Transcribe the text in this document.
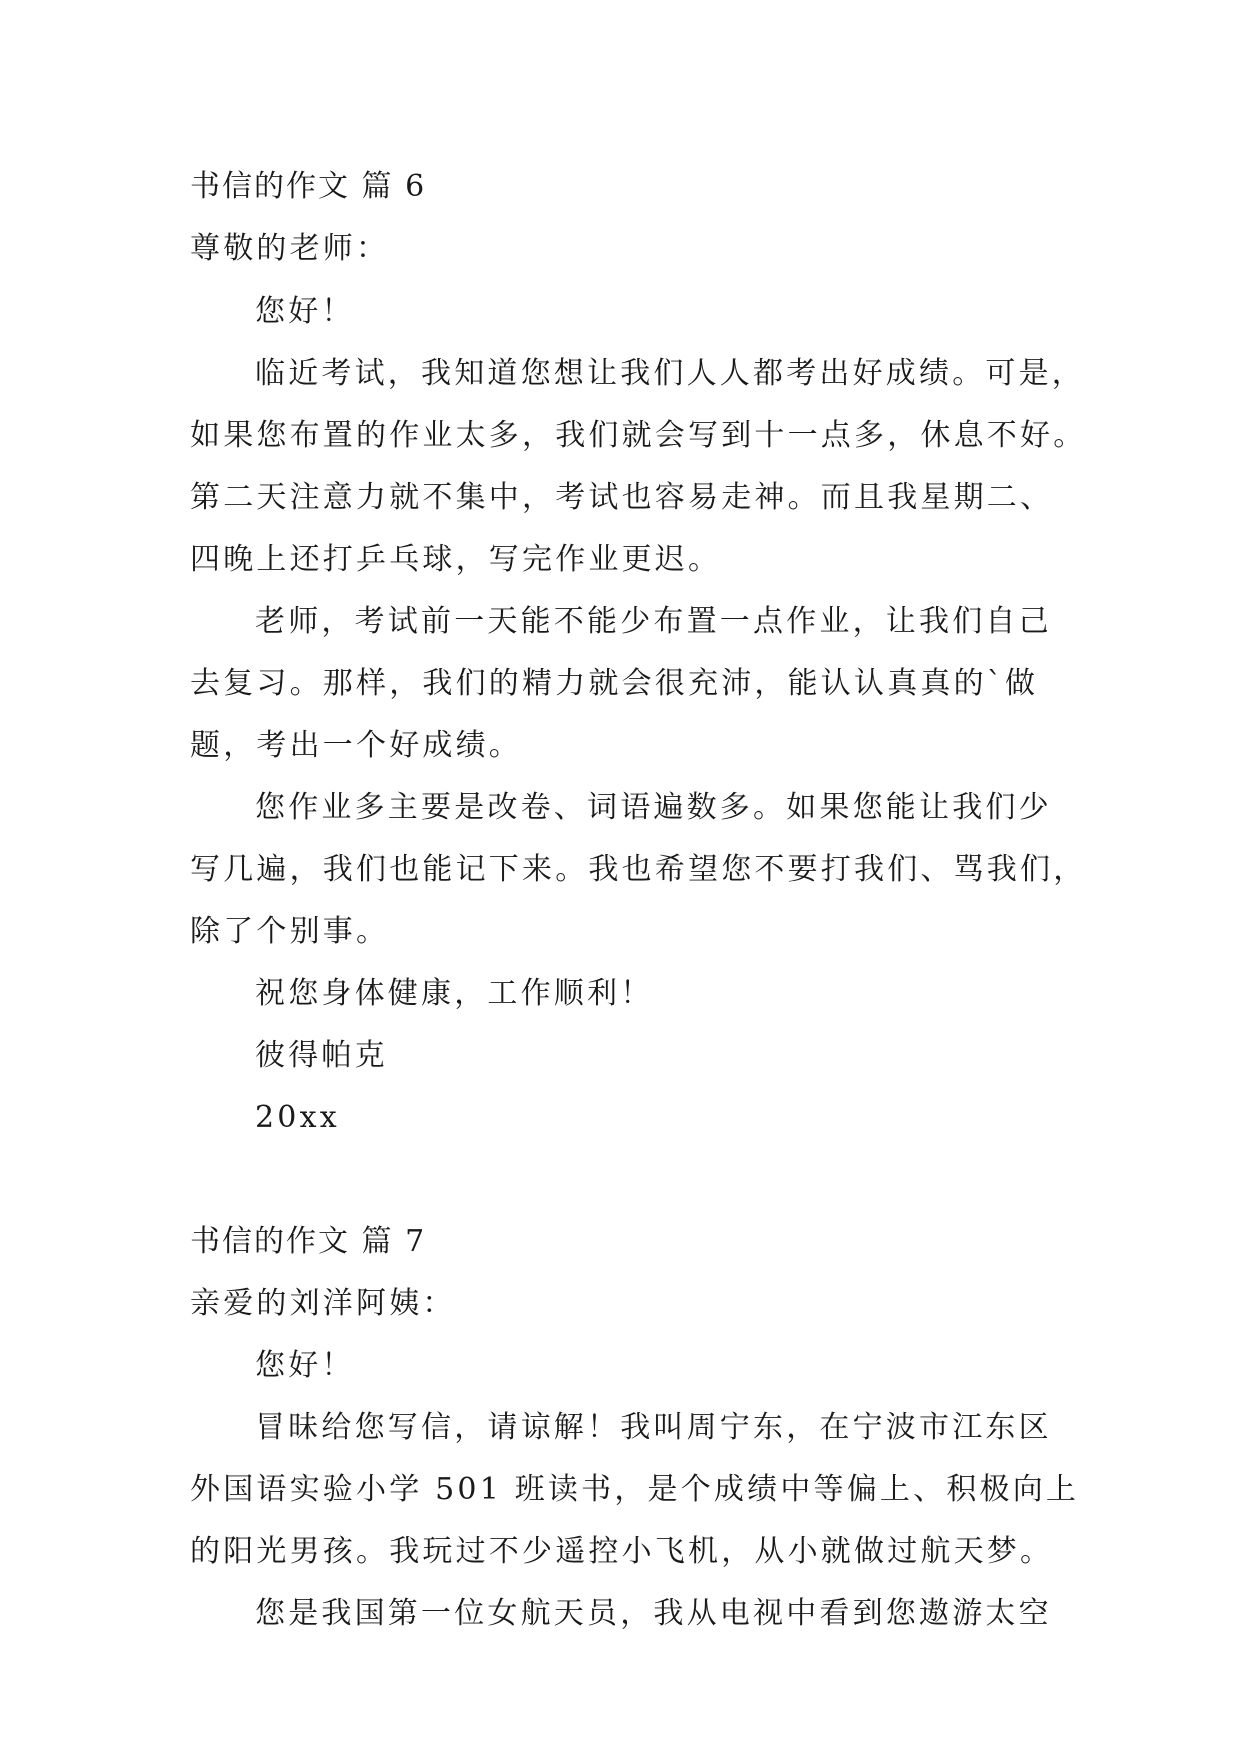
书信的作文 篇 6
尊敬的老师：
您好！
临近考试，我知道您想让我们人人都考出好成绩。可是，
如果您布置的作业太多，我们就会写到十一点多，休息不好。
第二天注意力就不集中，考试也容易走神。而且我星期二、
四晚上还打乒乓球，写完作业更迟。
老师，考试前一天能不能少布置一点作业，让我们自己
去复习。那样，我们的精力就会很充沛，能认认真真的`做
题，考出一个好成绩。
您作业多主要是改卷、词语遍数多。如果您能让我们少
写几遍，我们也能记下来。我也希望您不要打我们、骂我们，
除了个别事。
祝您身体健康，工作顺利！
彼得帕克
20xx
书信的作文 篇 7
亲爱的刘洋阿姨：
您好！
冒昧给您写信，请谅解！我叫周宁东，在宁波市江东区
外国语实验小学 501 班读书，是个成绩中等偏上、积极向上
的阳光男孩。我玩过不少遥控小飞机，从小就做过航天梦。
您是我国第一位女航天员，我从电视中看到您遨游太空
